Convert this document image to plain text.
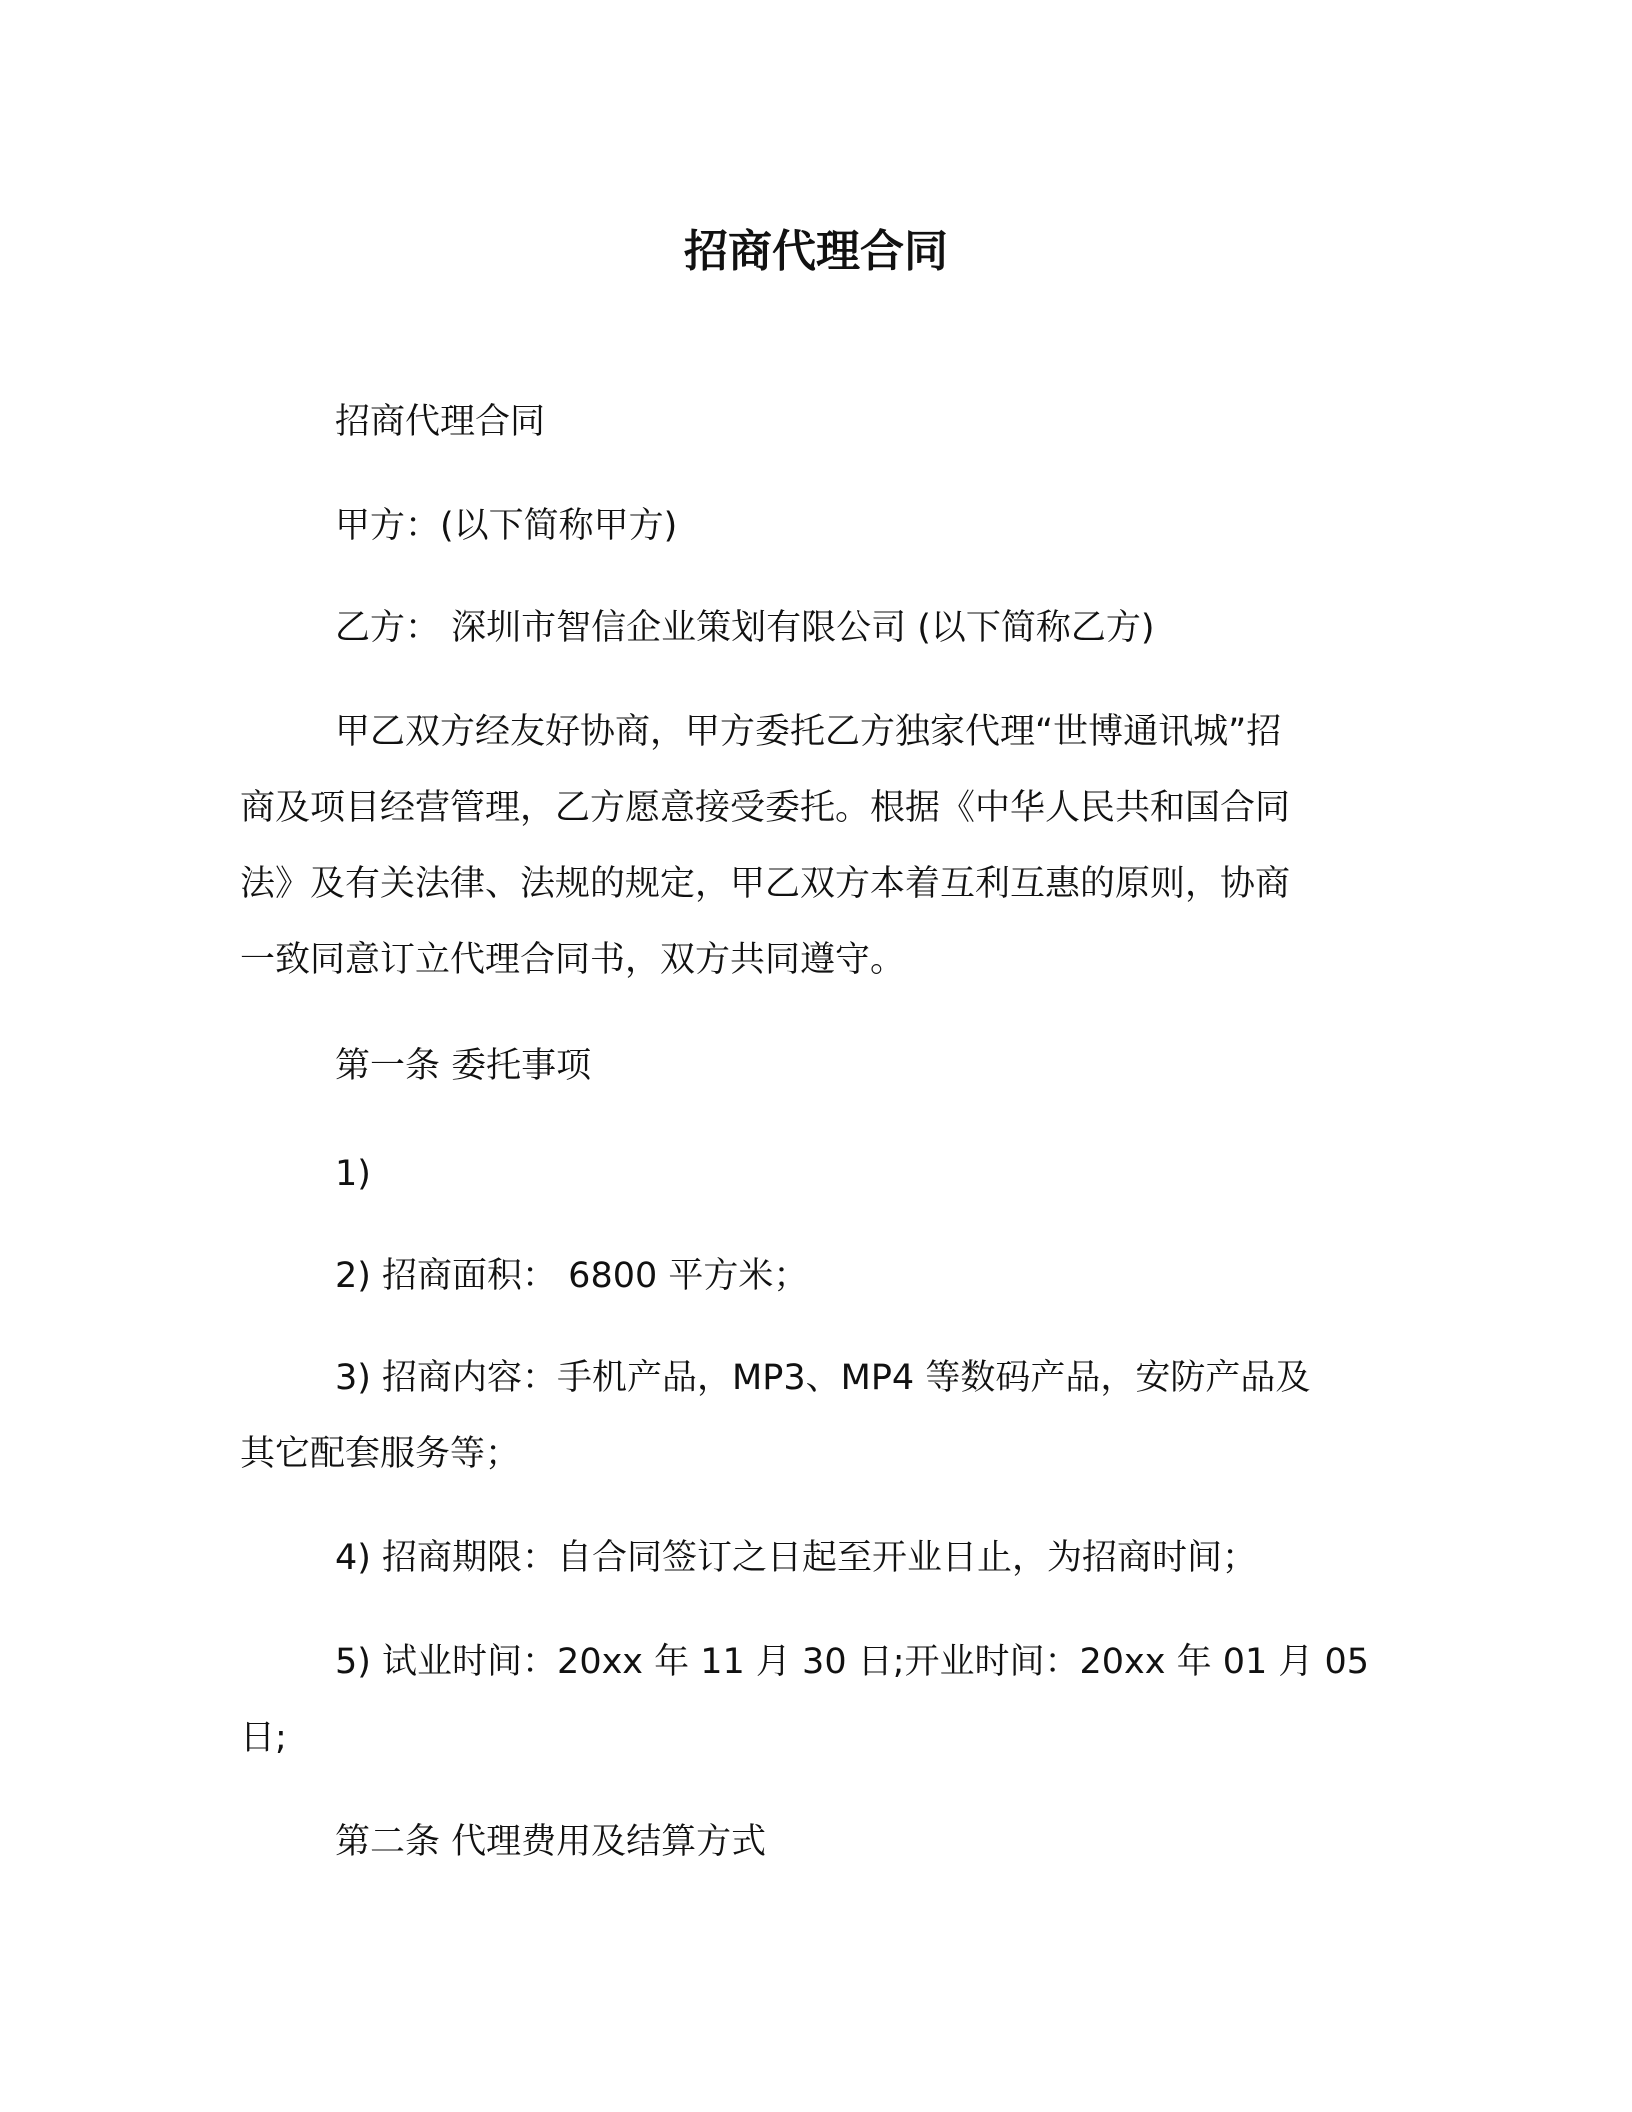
招商代理合同

招商代理合同

甲方：(以下简称甲方)

乙方： 深圳市智信企业策划有限公司 (以下简称乙方)

甲乙双方经友好协商，甲方委托乙方独家代理“世博通讯城”招

商及项目经营管理，乙方愿意接受委托。根据《中华人民共和国合同

法》及有关法律、法规的规定，甲乙双方本着互利互惠的原则，协商

一致同意订立代理合同书，双方共同遵守。

第一条 委托事项

1)

2) 招商面积： 6800 平方米；

3) 招商内容：手机产品，MP3、MP4 等数码产品，安防产品及

其它配套服务等；

4) 招商期限：自合同签订之日起至开业日止，为招商时间；

5) 试业时间：20xx 年 11 月 30 日;开业时间：20xx 年 01 月 05

日;

第二条 代理费用及结算方式
